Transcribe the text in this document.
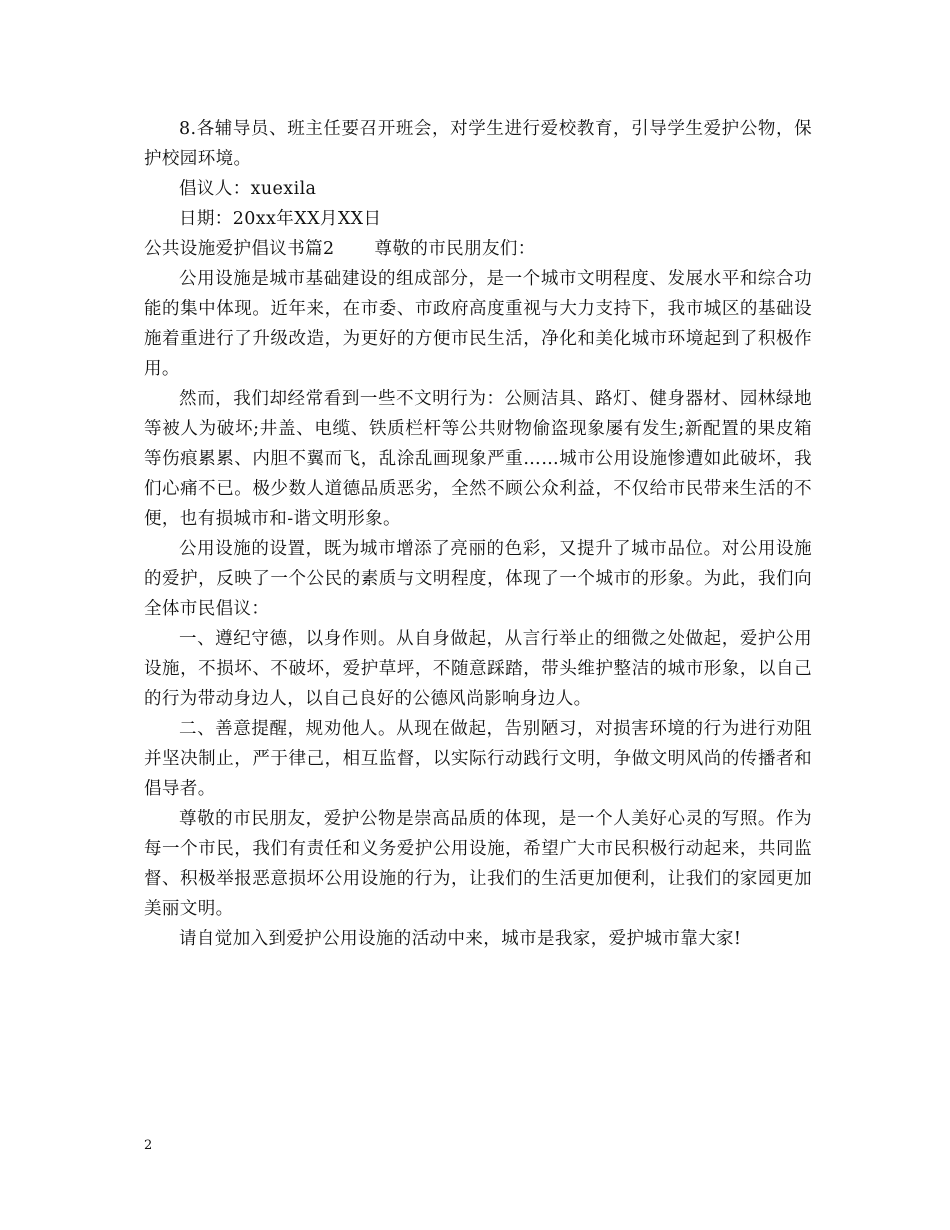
8.各辅导员、班主任要召开班会，对学生进行爱校教育，引导学生爱护公物，保护校园环境。

倡议人：xuexila

日期：20xx年XX月XX日

公共设施爱护倡议书篇2 尊敬的市民朋友们：

公用设施是城市基础建设的组成部分，是一个城市文明程度、发展水平和综合功能的集中体现。近年来，在市委、市政府高度重视与大力支持下，我市城区的基础设施着重进行了升级改造，为更好的方便市民生活，净化和美化城市环境起到了积极作用。

然而，我们却经常看到一些不文明行为：公厕洁具、路灯、健身器材、园林绿地等被人为破坏;井盖、电缆、铁质栏杆等公共财物偷盗现象屡有发生;新配置的果皮箱等伤痕累累、内胆不翼而飞，乱涂乱画现象严重……城市公用设施惨遭如此破坏，我们心痛不已。极少数人道德品质恶劣，全然不顾公众利益，不仅给市民带来生活的不便，也有损城市和-谐文明形象。

公用设施的设置，既为城市增添了亮丽的色彩，又提升了城市品位。对公用设施的爱护，反映了一个公民的素质与文明程度，体现了一个城市的形象。为此，我们向全体市民倡议：

一、遵纪守德，以身作则。从自身做起，从言行举止的细微之处做起，爱护公用设施，不损坏、不破坏，爱护草坪，不随意踩踏，带头维护整洁的城市形象，以自己的行为带动身边人，以自己良好的公德风尚影响身边人。

二、善意提醒，规劝他人。从现在做起，告别陋习，对损害环境的行为进行劝阻并坚决制止，严于律己，相互监督，以实际行动践行文明，争做文明风尚的传播者和倡导者。

尊敬的市民朋友，爱护公物是崇高品质的体现，是一个人美好心灵的写照。作为每一个市民，我们有责任和义务爱护公用设施，希望广大市民积极行动起来，共同监督、积极举报恶意损坏公用设施的行为，让我们的生活更加便利，让我们的家园更加美丽文明。

请自觉加入到爱护公用设施的活动中来，城市是我家，爱护城市靠大家!

2
